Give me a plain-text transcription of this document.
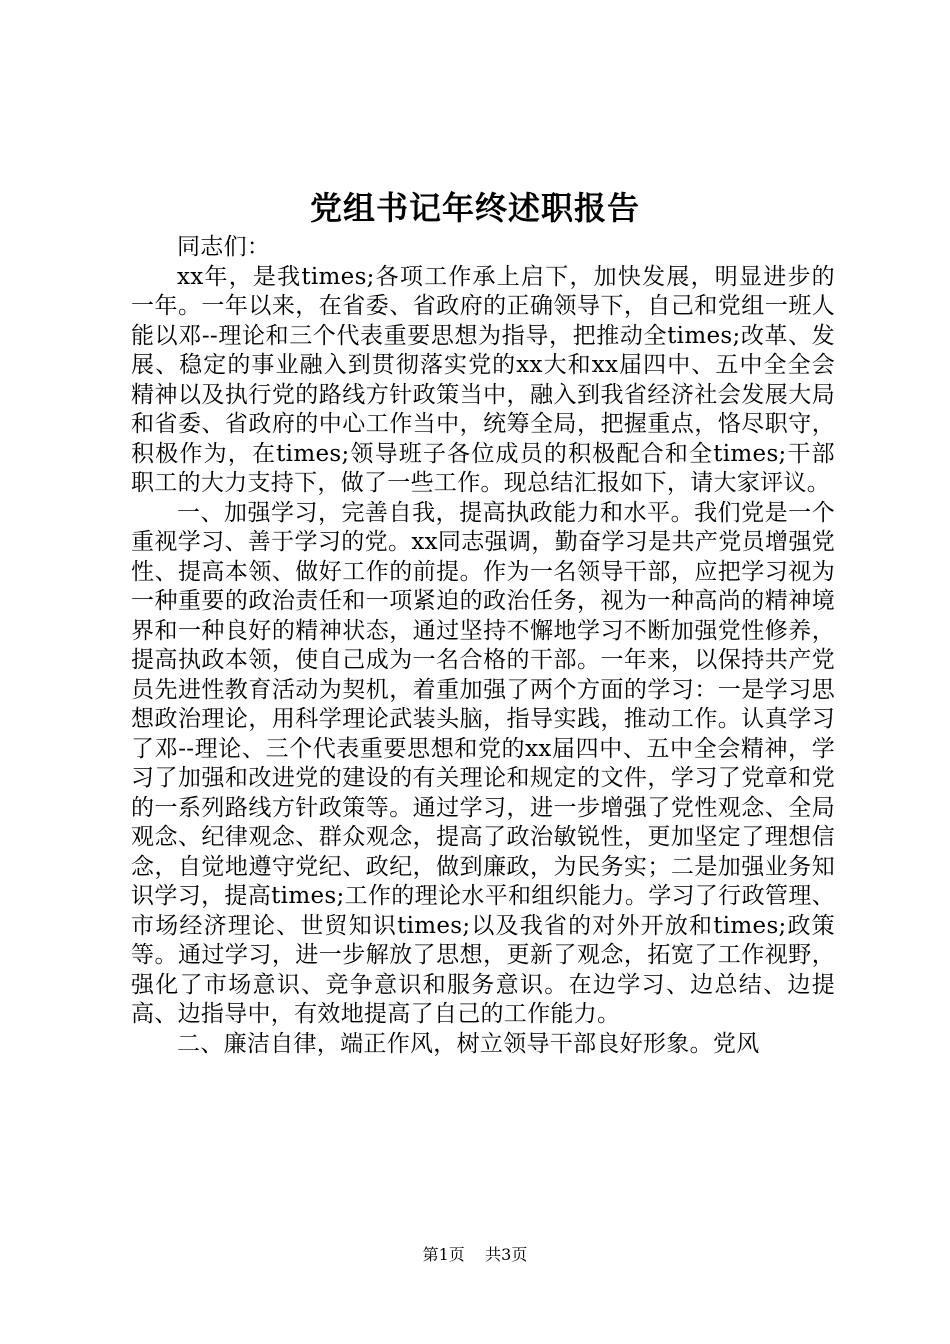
党组书记年终述职报告

同志们：

xx年，是我times;各项工作承上启下，加快发展，明显进步的一年。一年以来，在省委、省政府的正确领导下，自己和党组一班人能以邓--理论和三个代表重要思想为指导，把推动全times;改革、发展、稳定的事业融入到贯彻落实党的xx大和xx届四中、五中全全会精神以及执行党的路线方针政策当中，融入到我省经济社会发展大局和省委、省政府的中心工作当中，统筹全局，把握重点，恪尽职守，积极作为，在times;领导班子各位成员的积极配合和全times;干部职工的大力支持下，做了一些工作。现总结汇报如下，请大家评议。

一、加强学习，完善自我，提高执政能力和水平。我们党是一个重视学习、善于学习的党。xx同志强调，勤奋学习是共产党员增强党性、提高本领、做好工作的前提。作为一名领导干部，应把学习视为一种重要的政治责任和一项紧迫的政治任务，视为一种高尚的精神境界和一种良好的精神状态，通过坚持不懈地学习不断加强党性修养，提高执政本领，使自己成为一名合格的干部。一年来，以保持共产党员先进性教育活动为契机，着重加强了两个方面的学习：一是学习思想政治理论，用科学理论武装头脑，指导实践，推动工作。认真学习了邓--理论、三个代表重要思想和党的xx届四中、五中全会精神，学习了加强和改进党的建设的有关理论和规定的文件，学习了党章和党的一系列路线方针政策等。通过学习，进一步增强了党性观念、全局观念、纪律观念、群众观念，提高了政治敏锐性，更加坚定了理想信念，自觉地遵守党纪、政纪，做到廉政，为民务实；二是加强业务知识学习，提高times;工作的理论水平和组织能力。学习了行政管理、市场经济理论、世贸知识times;以及我省的对外开放和times;政策等。通过学习，进一步解放了思想，更新了观念，拓宽了工作视野，强化了市场意识、竞争意识和服务意识。在边学习、边总结、边提高、边指导中，有效地提高了自己的工作能力。

二、廉洁自律，端正作风，树立领导干部良好形象。党风

第1页 共3页
